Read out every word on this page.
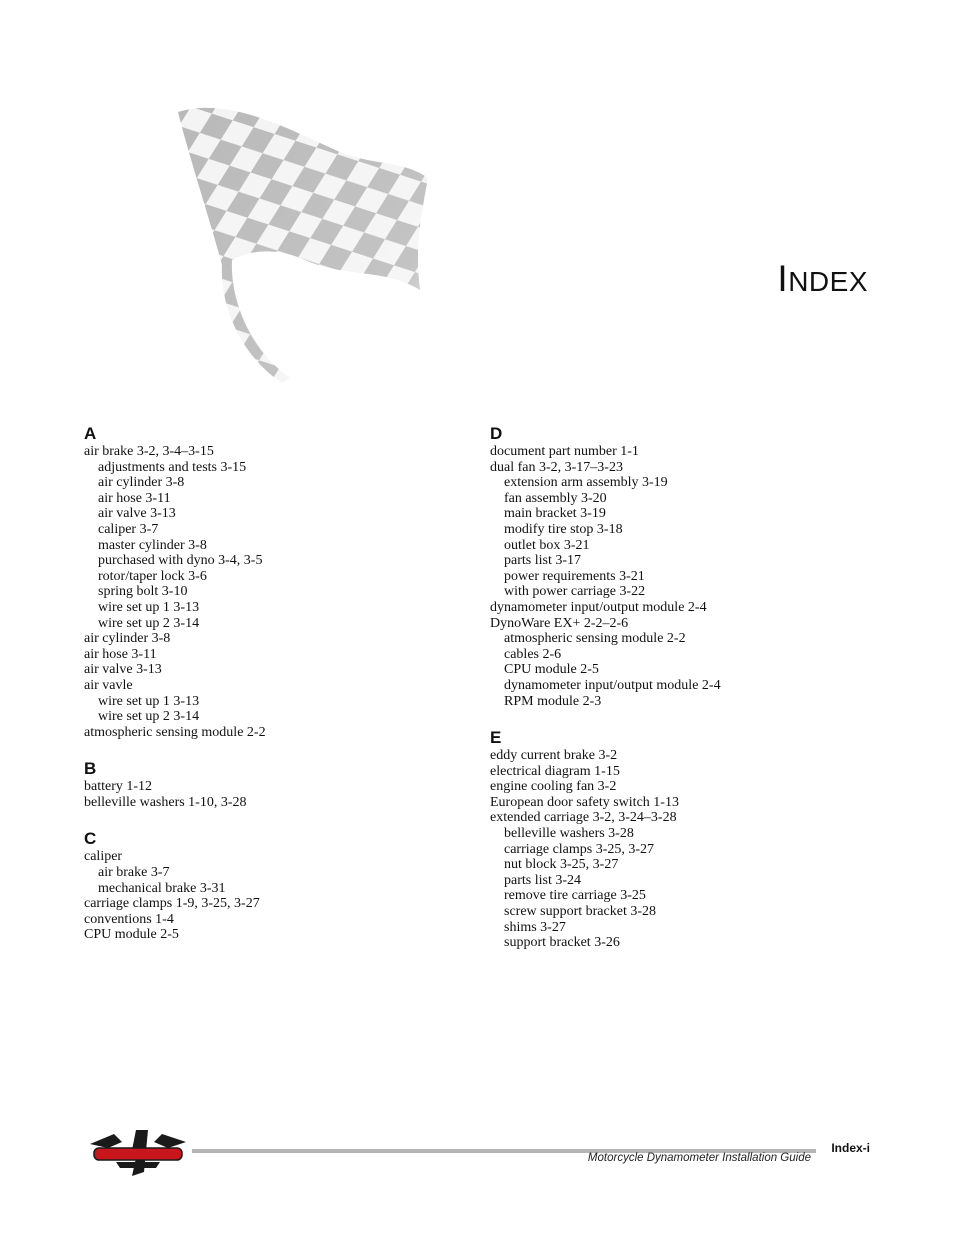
INDEX
A
air brake 3-2, 3-4–3-15
adjustments and tests 3-15
air cylinder 3-8
air hose 3-11
air valve 3-13
caliper 3-7
master cylinder 3-8
purchased with dyno 3-4, 3-5
rotor/taper lock 3-6
spring bolt 3-10
wire set up 1 3-13
wire set up 2 3-14
air cylinder 3-8
air hose 3-11
air valve 3-13
air vavle
wire set up 1 3-13
wire set up 2 3-14
atmospheric sensing module 2-2
B
battery 1-12
belleville washers 1-10, 3-28
C
caliper
air brake 3-7
mechanical brake 3-31
carriage clamps 1-9, 3-25, 3-27
conventions 1-4
CPU module 2-5
D
document part number 1-1
dual fan 3-2, 3-17–3-23
extension arm assembly 3-19
fan assembly 3-20
main bracket 3-19
modify tire stop 3-18
outlet box 3-21
parts list 3-17
power requirements 3-21
with power carriage 3-22
dynamometer input/output module 2-4
DynoWare EX+ 2-2–2-6
atmospheric sensing module 2-2
cables 2-6
CPU module 2-5
dynamometer input/output module 2-4
RPM module 2-3
E
eddy current brake 3-2
electrical diagram 1-15
engine cooling fan 3-2
European door safety switch 1-13
extended carriage 3-2, 3-24–3-28
belleville washers 3-28
carriage clamps 3-25, 3-27
nut block 3-25, 3-27
parts list 3-24
remove tire carriage 3-25
screw support bracket 3-28
shims 3-27
support bracket 3-26
Motorcycle Dynamometer Installation Guide
Index-i
